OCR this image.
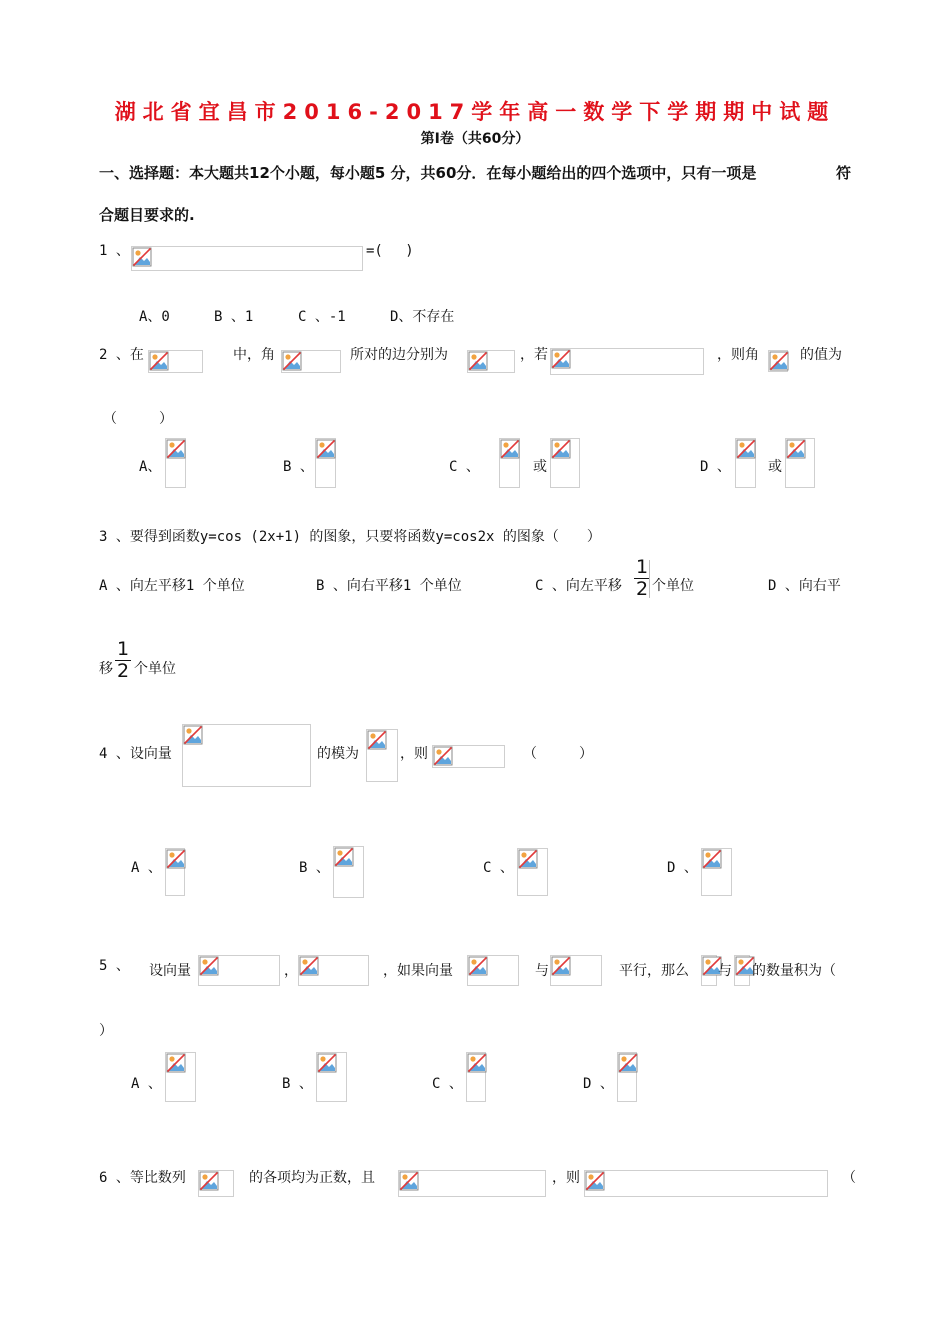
湖北省宜昌市2016-2017学年高一数学下学期期中试题
第Ⅰ卷（共60分）
一、选择题：本大题共12个小题，每小题5 分，共60分．在每小题给出的四个选项中，只有一项是	符
合题目要求的.
1 、	=(　 )
A、0	B 、1	C 、-1	D、不存在
2 、在	中，角	所对的边分别为	，若	，则角	的值为
（　　　）
A、	B 、	C 、	或	D 、	或
3 、要得到函数y=cos (2x+1) 的图象，只要将函数y=cos2x 的图象（　　）
A 、向左平移1 个单位	B 、向右平移1 个单位	C 、向左平移
1
2 个单位	D 、向右平
移
1
2 个单位
4 、设向量	的模为	，则	（　　　）
A 、	B 、	C 、	D 、
5 、 设向量	，	，如果向量	与	平行，那么 与 的数量积为（
）
A 、	B 、	C 、	D 、
6 、等比数列	的各项均为正数，且	，则	（
